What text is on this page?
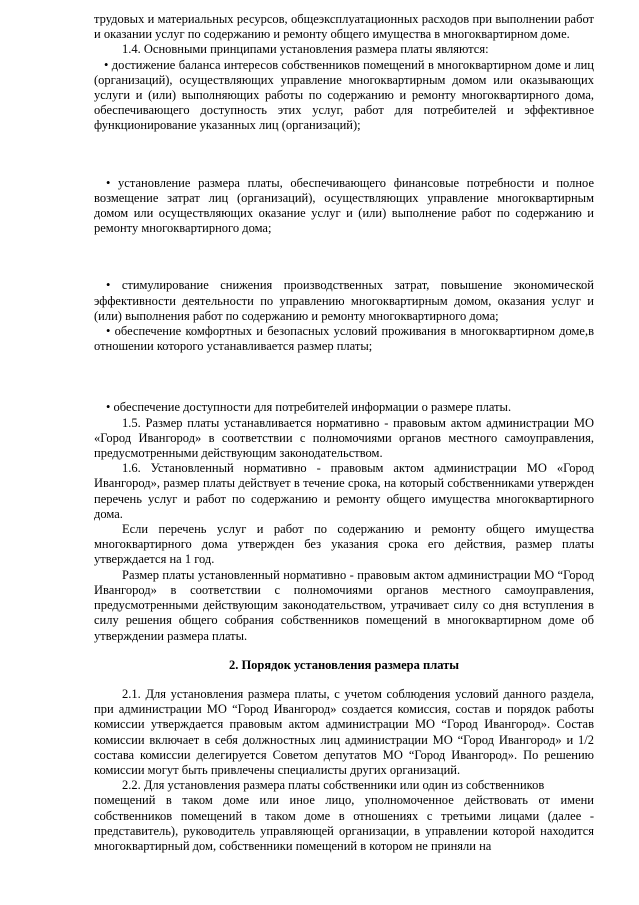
трудовых и материальных ресурсов, общеэксплуатационных расходов при выполнении работ и оказании услуг по содержанию и ремонту общего имущества в многоквартирном доме.

1.4. Основными принципами установления размера платы являются:

• достижение баланса интересов собственников помещений в многоквартирном доме и лиц (организаций), осуществляющих управление многоквартирным домом или оказывающих услуги и (или) выполняющих работы по содержанию и ремонту многоквартирного дома, обеспечивающего доступность этих услуг, работ для потребителей и эффективное функционирование указанных лиц (организаций);

• установление размера платы, обеспечивающего финансовые потребности и полное возмещение затрат лиц (организаций), осуществляющих управление многоквартирным домом или осуществляющих оказание услуг и (или) выполнение работ по содержанию и ремонту многоквартирного дома;

• стимулирование снижения производственных затрат, повышение экономической эффективности деятельности по управлению многоквартирным домом, оказания услуг и (или) выполнения работ по содержанию и ремонту многоквартирного дома;

• обеспечение комфортных и безопасных условий проживания в многоквартирном доме,в отношении которого устанавливается размер платы;

• обеспечение доступности для потребителей информации о размере платы.

1.5. Размер платы устанавливается нормативно - правовым актом администрации МО «Город Ивангород» в соответствии с полномочиями органов местного самоуправления, предусмотренными действующим законодательством.

1.6. Установленный нормативно - правовым актом администрации МО «Город Ивангород», размер платы действует в течение срока, на который собственниками утвержден перечень услуг и работ по содержанию и ремонту общего имущества многоквартирного дома.

Если перечень услуг и работ по содержанию и ремонту общего имущества многоквартирного дома утвержден без указания срока его действия, размер платы утверждается на 1 год.

Размер платы установленный нормативно - правовым актом администрации МО “Город Ивангород» в соответствии с полномочиями органов местного самоуправления, предусмотренными действующим законодательством, утрачивает силу со дня вступления в силу решения общего собрания собственников помещений в многоквартирном доме об утверждении размера платы.

2. Порядок установления размера платы

2.1. Для установления размера платы, с учетом соблюдения условий данного раздела, при администрации МО “Город Ивангород» создается комиссия, состав и порядок работы комиссии утверждается правовым актом администрации МО “Город Ивангород». Состав комиссии включает в себя должностных лиц администрации МО “Город Ивангород» и 1/2 состава комиссии делегируется Советом депутатов МО “Город Ивангород». По решению комиссии могут быть привлечены специалисты других организаций.

2.2. Для установления размера платы собственники или один из собственников

помещений в таком доме или иное лицо, уполномоченное действовать от имени собственников помещений в таком доме в отношениях с третьими лицами (далее - представитель), руководитель управляющей организации, в управлении которой находится многоквартирный дом, собственники помещений в котором не приняли на
